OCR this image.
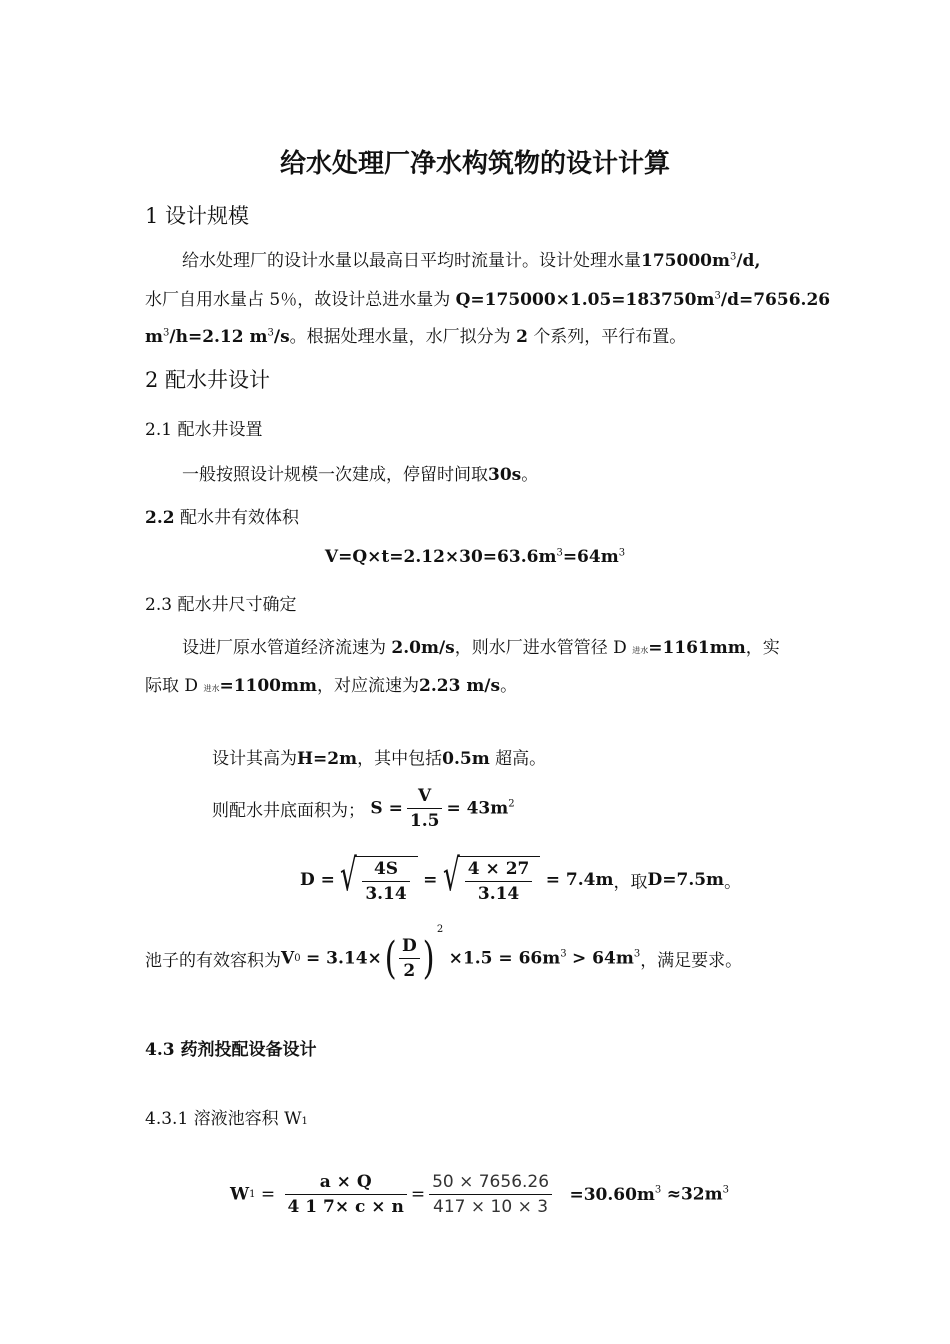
给水处理厂净水构筑物的设计计算
1 设计规模
给水处理厂的设计水量以最高日平均时流量计。设计处理水量$175000m^3/d$,
水厂自用水量占 5％，故设计总进水量为 $Q=175000\times 1.05=183750m^3/d=7656.26$
$m^3/h=2.12$ $m^3/s$。根据处理水量，水厂拟分为 2 个系列，平行布置。
2 配水井设计
2.1 配水井设置
一般按照设计规模一次建成，停留时间取30s。
2.2 配水井有效体积
$V=Q\times t=2.12\times 30=63.6m^3=64m^3$
2.3 配水井尺寸确定
设进厂原水管道经济流速为 2.0m/s，则水厂进水管管径 D 进水=1161mm，实
际取 D 进水=1100mm，对应流速为2.23 m/s。
设计其高为H=2m，其中包括0.5m 超高。
则配水井底面积为； $S = \frac{V}{1.5} = 43m^2$
D = √ $\frac{4S}{3.14}$ = √ $\frac{4 \times 27}{3.14} = 7.4m$，取D=7.5m。
池子的有效容积为$V0 = 3.14\times( \frac{D}{2} )^2 \times 1.5 = 66m^3 > 64m^3$，满足要求。
4.3 药剂投配设备设计
4.3.1 溶液池容积 W1
$W1 = \frac{a \times Q}{4 1 7\times c \times n} = \frac{50 \times 7656.26}{417 \times 10 \times 3} =30.60m^3 \approx 32m^3$
